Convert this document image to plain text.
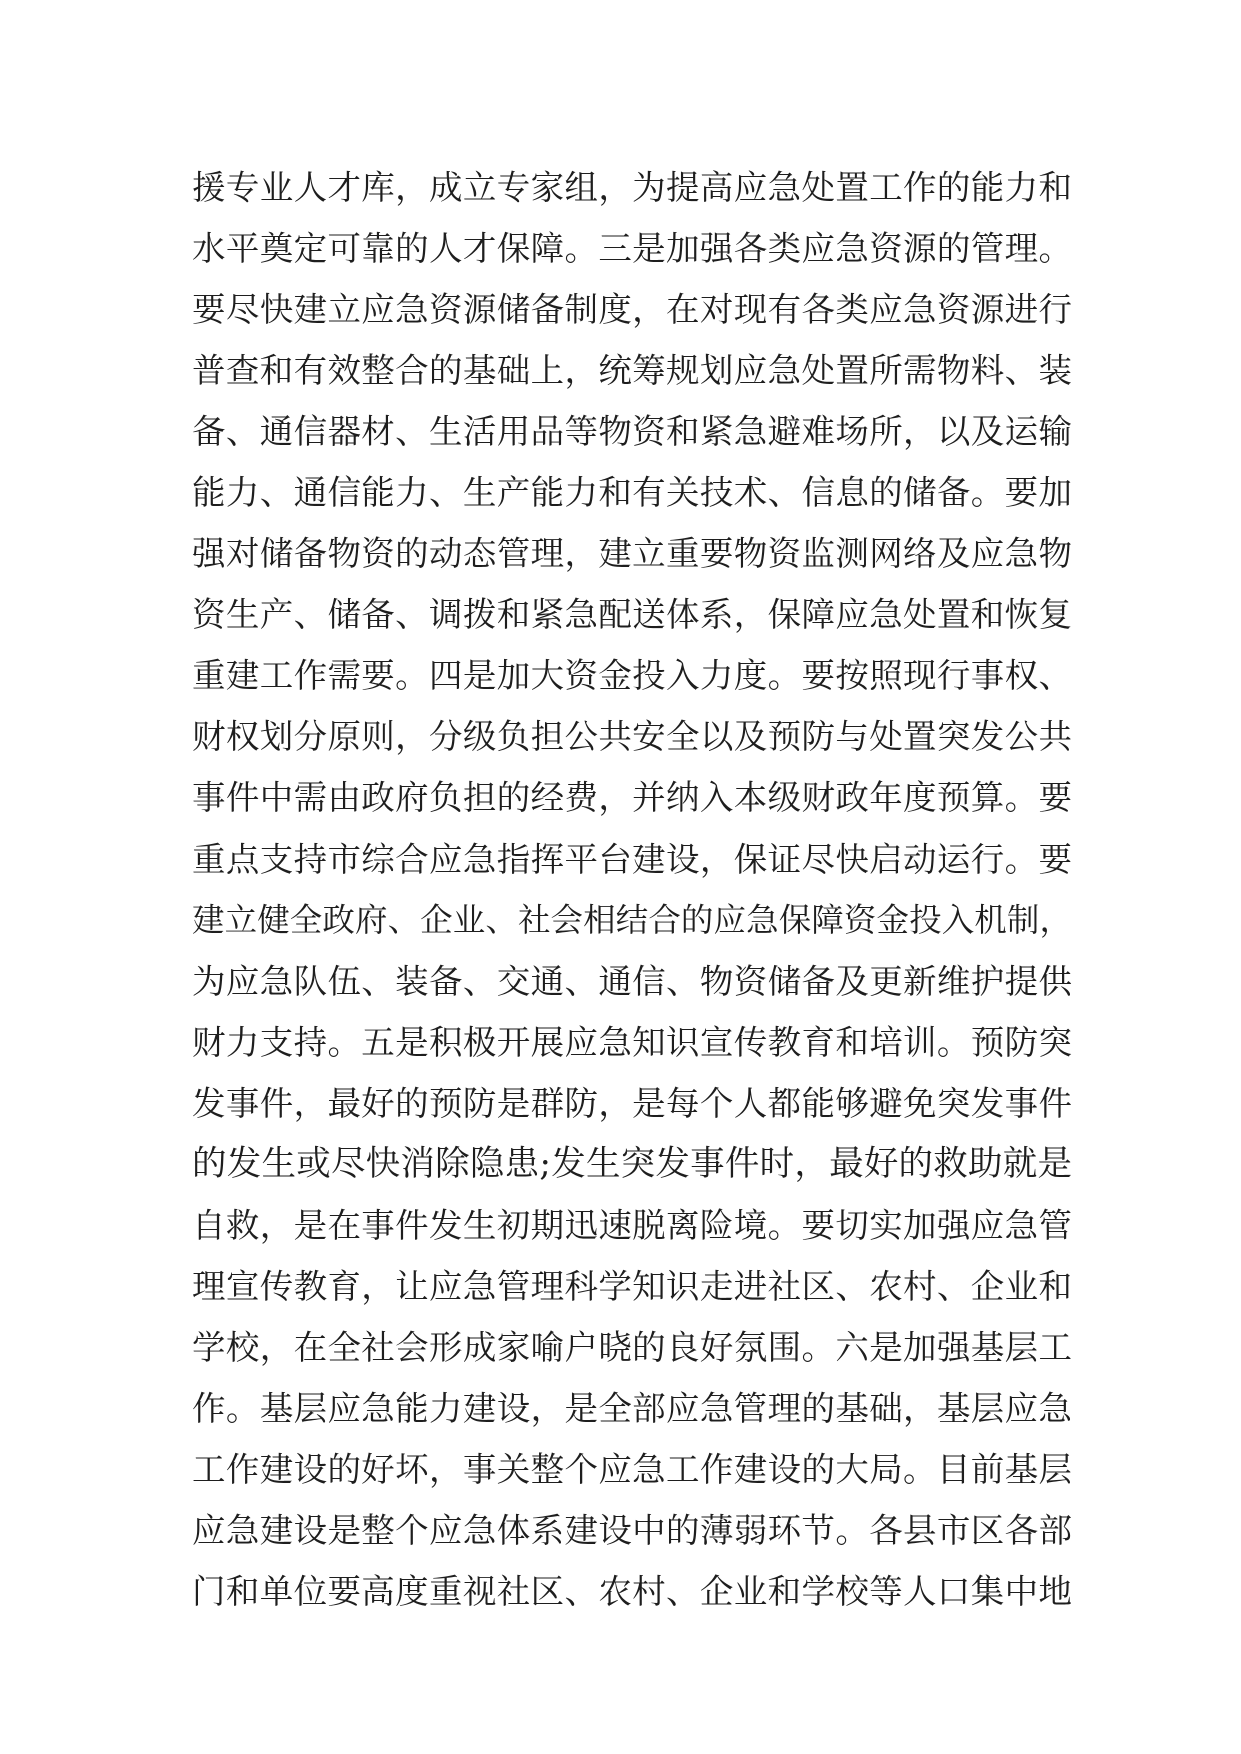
援专业人才库，成立专家组，为提高应急处置工作的能力和
水平奠定可靠的人才保障。三是加强各类应急资源的管理。
要尽快建立应急资源储备制度，在对现有各类应急资源进行
普查和有效整合的基础上，统筹规划应急处置所需物料、装
备、通信器材、生活用品等物资和紧急避难场所，以及运输
能力、通信能力、生产能力和有关技术、信息的储备。要加
强对储备物资的动态管理，建立重要物资监测网络及应急物
资生产、储备、调拨和紧急配送体系，保障应急处置和恢复
重建工作需要。四是加大资金投入力度。要按照现行事权、
财权划分原则，分级负担公共安全以及预防与处置突发公共
事件中需由政府负担的经费，并纳入本级财政年度预算。要
重点支持市综合应急指挥平台建设，保证尽快启动运行。要
建立健全政府、企业、社会相结合的应急保障资金投入机制，
为应急队伍、装备、交通、通信、物资储备及更新维护提供
财力支持。五是积极开展应急知识宣传教育和培训。预防突
发事件，最好的预防是群防，是每个人都能够避免突发事件
的发生或尽快消除隐患;发生突发事件时，最好的救助就是
自救，是在事件发生初期迅速脱离险境。要切实加强应急管
理宣传教育，让应急管理科学知识走进社区、农村、企业和
学校，在全社会形成家喻户晓的良好氛围。六是加强基层工
作。基层应急能力建设，是全部应急管理的基础，基层应急
工作建设的好坏，事关整个应急工作建设的大局。目前基层
应急建设是整个应急体系建设中的薄弱环节。各县市区各部
门和单位要高度重视社区、农村、企业和学校等人口集中地
